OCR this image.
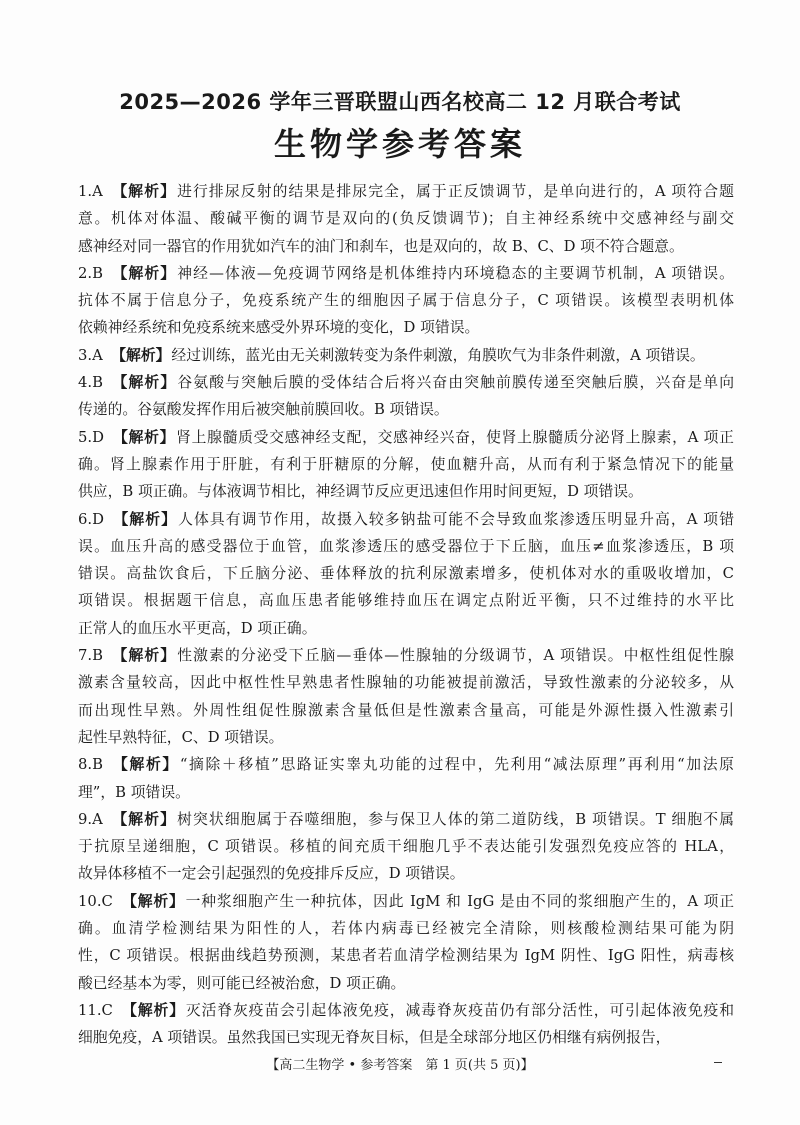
2025—2026 学年三晋联盟山西名校高二 12 月联合考试
生物学参考答案
1.A  【解析】进行排尿反射的结果是排尿完全，属于正反馈调节，是单向进行的，A 项符合题
意。机体对体温、酸碱平衡的调节是双向的(负反馈调节)；自主神经系统中交感神经与副交
感神经对同一器官的作用犹如汽车的油门和刹车，也是双向的，故 B、C、D 项不符合题意。
2.B  【解析】神经—体液—免疫调节网络是机体维持内环境稳态的主要调节机制，A 项错误。
抗体不属于信息分子，免疫系统产生的细胞因子属于信息分子，C 项错误。该模型表明机体
依赖神经系统和免疫系统来感受外界环境的变化，D 项错误。
3.A  【解析】经过训练，蓝光由无关刺激转变为条件刺激，角膜吹气为非条件刺激，A 项错误。
4.B  【解析】谷氨酸与突触后膜的受体结合后将兴奋由突触前膜传递至突触后膜，兴奋是单向
传递的。谷氨酸发挥作用后被突触前膜回收。B 项错误。
5.D  【解析】肾上腺髓质受交感神经支配，交感神经兴奋，使肾上腺髓质分泌肾上腺素，A 项正
确。肾上腺素作用于肝脏，有利于肝糖原的分解，使血糖升高，从而有利于紧急情况下的能量
供应，B 项正确。与体液调节相比，神经调节反应更迅速但作用时间更短，D 项错误。
6.D  【解析】人体具有调节作用，故摄入较多钠盐可能不会导致血浆渗透压明显升高，A 项错
误。血压升高的感受器位于血管，血浆渗透压的感受器位于下丘脑，血压≠血浆渗透压，B 项
错误。高盐饮食后，下丘脑分泌、垂体释放的抗利尿激素增多，使机体对水的重吸收增加，C
项错误。根据题干信息，高血压患者能够维持血压在调定点附近平衡，只不过维持的水平比
正常人的血压水平更高，D 项正确。
7.B  【解析】性激素的分泌受下丘脑—垂体—性腺轴的分级调节，A 项错误。中枢性组促性腺
激素含量较高，因此中枢性性早熟患者性腺轴的功能被提前激活，导致性激素的分泌较多，从
而出现性早熟。外周性组促性腺激素含量低但是性激素含量高，可能是外源性摄入性激素引
起性早熟特征，C、D 项错误。
8.B  【解析】“摘除＋移植”思路证实睾丸功能的过程中，先利用“减法原理”再利用“加法原
理”，B 项错误。
9.A  【解析】树突状细胞属于吞噬细胞，参与保卫人体的第二道防线，B 项错误。T 细胞不属
于抗原呈递细胞，C 项错误。移植的间充质干细胞几乎不表达能引发强烈免疫应答的 HLA，
故异体移植不一定会引起强烈的免疫排斥反应，D 项错误。
10.C  【解析】一种浆细胞产生一种抗体，因此 IgM 和 IgG 是由不同的浆细胞产生的，A 项正
确。血清学检测结果为阳性的人，若体内病毒已经被完全清除，则核酸检测结果可能为阴
性，C 项错误。根据曲线趋势预测，某患者若血清学检测结果为 IgM 阴性、IgG 阳性，病毒核
酸已经基本为零，则可能已经被治愈，D 项正确。
11.C  【解析】灭活脊灰疫苗会引起体液免疫，减毒脊灰疫苗仍有部分活性，可引起体液免疫和
细胞免疫，A 项错误。虽然我国已实现无脊灰目标，但是全球部分地区仍相继有病例报告，
【高二生物学 • 参考答案　第 1 页(共 5 页)】
